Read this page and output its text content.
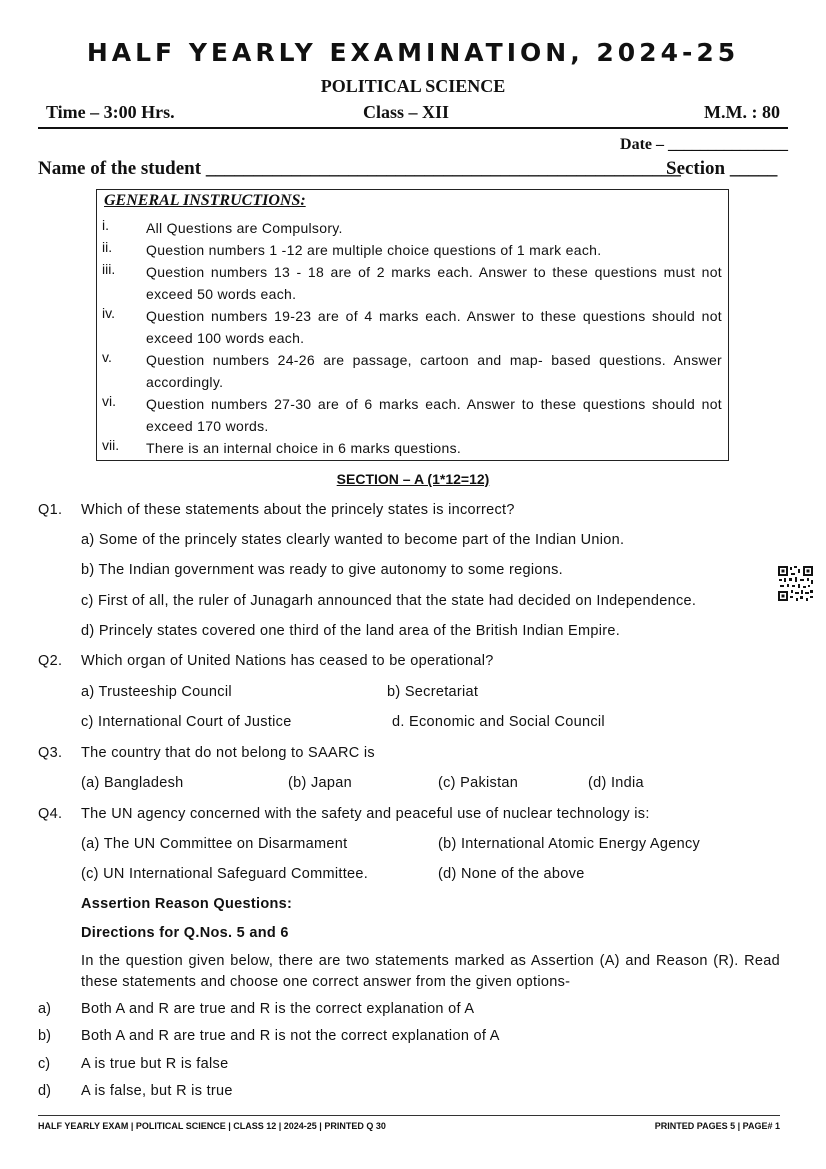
HALF YEARLY EXAMINATION, 2024-25
POLITICAL SCIENCE
Time – 3:00 Hrs.	Class – XII	M.M. : 80
Date – _______________
Name of the student __________________________________________________
Section _____
GENERAL INSTRUCTIONS:
i.	All Questions are Compulsory.
ii.	Question numbers 1 -12 are multiple choice questions of 1 mark each.
iii.	Question numbers 13 - 18 are of 2 marks each. Answer to these questions must not exceed 50 words each.
iv.	Question numbers 19-23 are of 4 marks each. Answer to these questions should not exceed 100 words each.
v.	Question numbers 24-26 are passage, cartoon and map- based questions. Answer accordingly.
vi.	Question numbers 27-30 are of 6 marks each. Answer to these questions should not exceed 170 words.
vii.	There is an internal choice in 6 marks questions.
SECTION – A (1*12=12)
Q1. Which of these statements about the princely states is incorrect?
a) Some of the princely states clearly wanted to become part of the Indian Union.
b) The Indian government was ready to give autonomy to some regions.
c) First of all, the ruler of Junagarh announced that the state had decided on Independence.
d) Princely states covered one third of the land area of the British Indian Empire.
Q2. Which organ of United Nations has ceased to be operational?
a) Trusteeship Council	b) Secretariat
c) International Court of Justice	d. Economic and Social Council
Q3. The country that do not belong to SAARC is
(a) Bangladesh	(b) Japan	(c) Pakistan	(d) India
Q4. The UN agency concerned with the safety and peaceful use of nuclear technology is:
(a) The UN Committee on Disarmament	(b) International Atomic Energy Agency
(c) UN International Safeguard Committee.	(d) None of the above
Assertion Reason Questions:
Directions for Q.Nos. 5 and 6
In the question given below, there are two statements marked as Assertion (A) and Reason (R). Read these statements and choose one correct answer from the given options-
a) Both A and R are true and R is the correct explanation of A
b) Both A and R are true and R is not the correct explanation of A
c) A is true but R is false
d) A is false, but R is true
HALF YEARLY EXAM | POLITICAL SCIENCE | CLASS 12 | 2024-25 | PRINTED Q 30	PRINTED PAGES 5 | PAGE# 1
